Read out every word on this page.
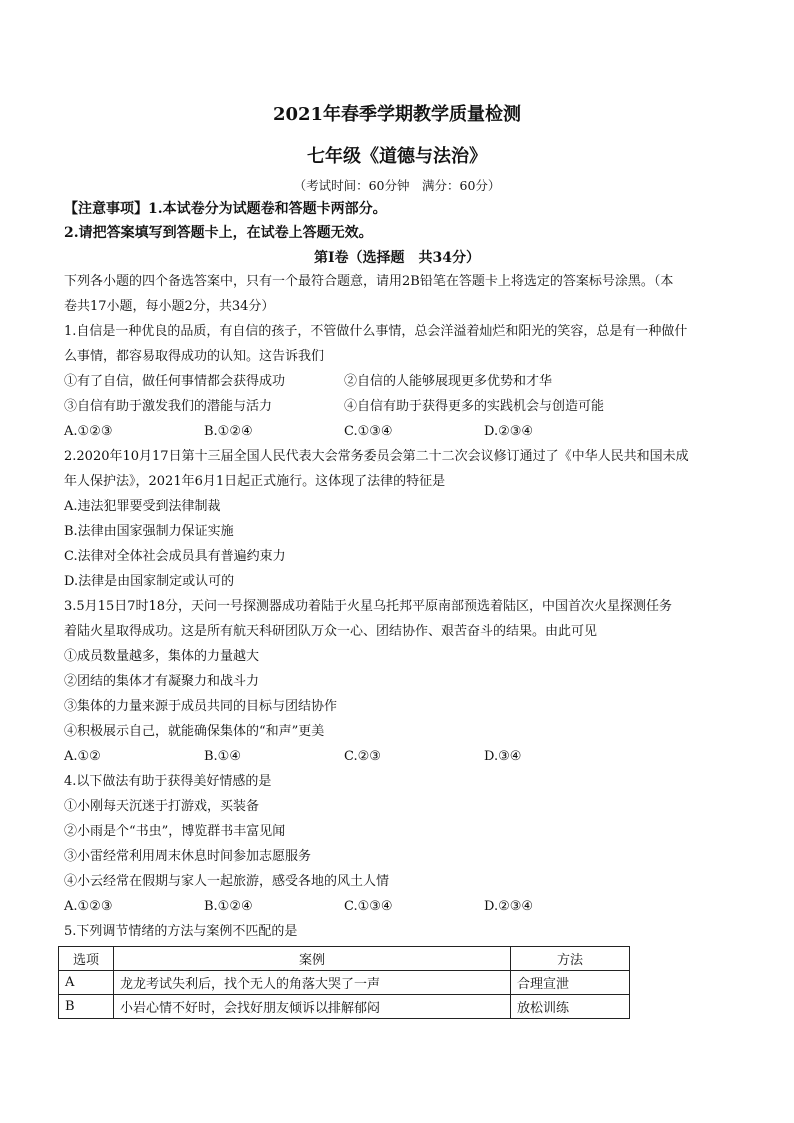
2021年春季学期教学质量检测
七年级《道德与法治》
（考试时间：60分钟　满分：60分）
【注意事项】1.本试卷分为试题卷和答题卡两部分。
2.请把答案填写到答题卡上，在试卷上答题无效。
第Ⅰ卷（选择题　共34分）
下列各小题的四个备选答案中，只有一个最符合题意，请用2B铅笔在答题卡上将选定的答案标号涂黑。（本
卷共17小题，每小题2分，共34分）
1.自信是一种优良的品质，有自信的孩子，不管做什么事情，总会洋溢着灿烂和阳光的笑容，总是有一种做什
么事情，都容易取得成功的认知。这告诉我们
①有了自信，做任何事情都会获得成功	②自信的人能够展现更多优势和才华
③自信有助于激发我们的潜能与活力	④自信有助于获得更多的实践机会与创造可能
A.①②③	B.①②④	C.①③④	D.②③④
2.2020年10月17日第十三届全国人民代表大会常务委员会第二十二次会议修订通过了《中华人民共和国未成
年人保护法》，2021年6月1日起正式施行。这体现了法律的特征是
A.违法犯罪要受到法律制裁
B.法律由国家强制力保证实施
C.法律对全体社会成员具有普遍约束力
D.法律是由国家制定或认可的
3.5月15日7时18分，天问一号探测器成功着陆于火星乌托邦平原南部预选着陆区，中国首次火星探测任务
着陆火星取得成功。这是所有航天科研团队万众一心、团结协作、艰苦奋斗的结果。由此可见
①成员数量越多，集体的力量越大
②团结的集体才有凝聚力和战斗力
③集体的力量来源于成员共同的目标与团结协作
④积极展示自己，就能确保集体的“和声”更美
A.①②	B.①④	C.②③	D.③④
4.以下做法有助于获得美好情感的是
①小刚每天沉迷于打游戏，买装备
②小雨是个“书虫”，博览群书丰富见闻
③小雷经常利用周末休息时间参加志愿服务
④小云经常在假期与家人一起旅游，感受各地的风土人情
A.①②③	B.①②④	C.①③④	D.②③④
5.下列调节情绪的方法与案例不匹配的是
选项	案例	方法
A	龙龙考试失利后，找个无人的角落大哭了一声	合理宣泄
B	小岩心情不好时，会找好朋友倾诉以排解郁闷	放松训练
